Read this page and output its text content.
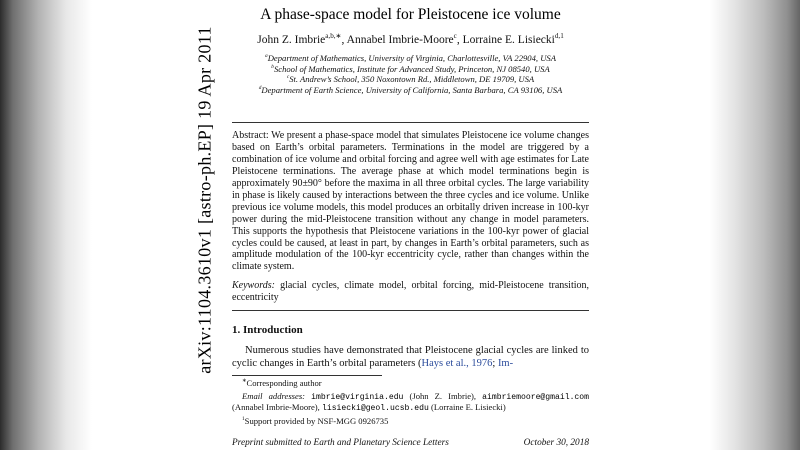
arXiv:1104.3610v1 [astro-ph.EP] 19 Apr 2011
A phase-space model for Pleistocene ice volume
John Z. Imbrie$^{a,b,∗}$, Annabel Imbrie-Moore$^c$, Lorraine E. Lisiecki$^{d,1}$
$^a$Department of Mathematics, University of Virginia, Charlottesville, VA 22904, USA
$^b$School of Mathematics, Institute for Advanced Study, Princeton, NJ 08540, USA
$^c$St. Andrew’s School, 350 Noxontown Rd., Middletown, DE 19709, USA
$^d$Department of Earth Science, University of California, Santa Barbara, CA 93106, USA

Abstract: We present a phase-space model that simulates Pleistocene ice volume changes based on Earth’s orbital parameters. Terminations in the model are triggered by a combination of ice volume and orbital forcing and agree well with age estimates for Late Pleistocene terminations. The average phase at which model terminations begin is approximately 90±90° before the maxima in all three orbital cycles. The large variability in phase is likely caused by interactions between the three cycles and ice volume. Unlike previous ice volume models, this model produces an orbitally driven increase in 100-kyr power during the mid-Pleistocene transition without any change in model parameters. This supports the hypothesis that Pleistocene variations in the 100-kyr power of glacial cycles could be caused, at least in part, by changes in Earth’s orbital parameters, such as amplitude modulation of the 100-kyr eccentricity cycle, rather than changes within the climate system.

Keywords: glacial cycles, climate model, orbital forcing, mid-Pleistocene transition, eccentricity

1. Introduction

Numerous studies have demonstrated that Pleistocene glacial cycles are linked to cyclic changes in Earth’s orbital parameters (Hays et al., 1976; Im-

∗Corresponding author

Email addresses: imbrie@virginia.edu (John Z. Imbrie), aimbriemoore@gmail.com (Annabel Imbrie-Moore), lisiecki@geol.ucsb.edu (Lorraine E. Lisiecki)

$^1$Support provided by NSF-MGG 0926735

Preprint submitted to Earth and Planetary Science Letters	October 30, 2018
